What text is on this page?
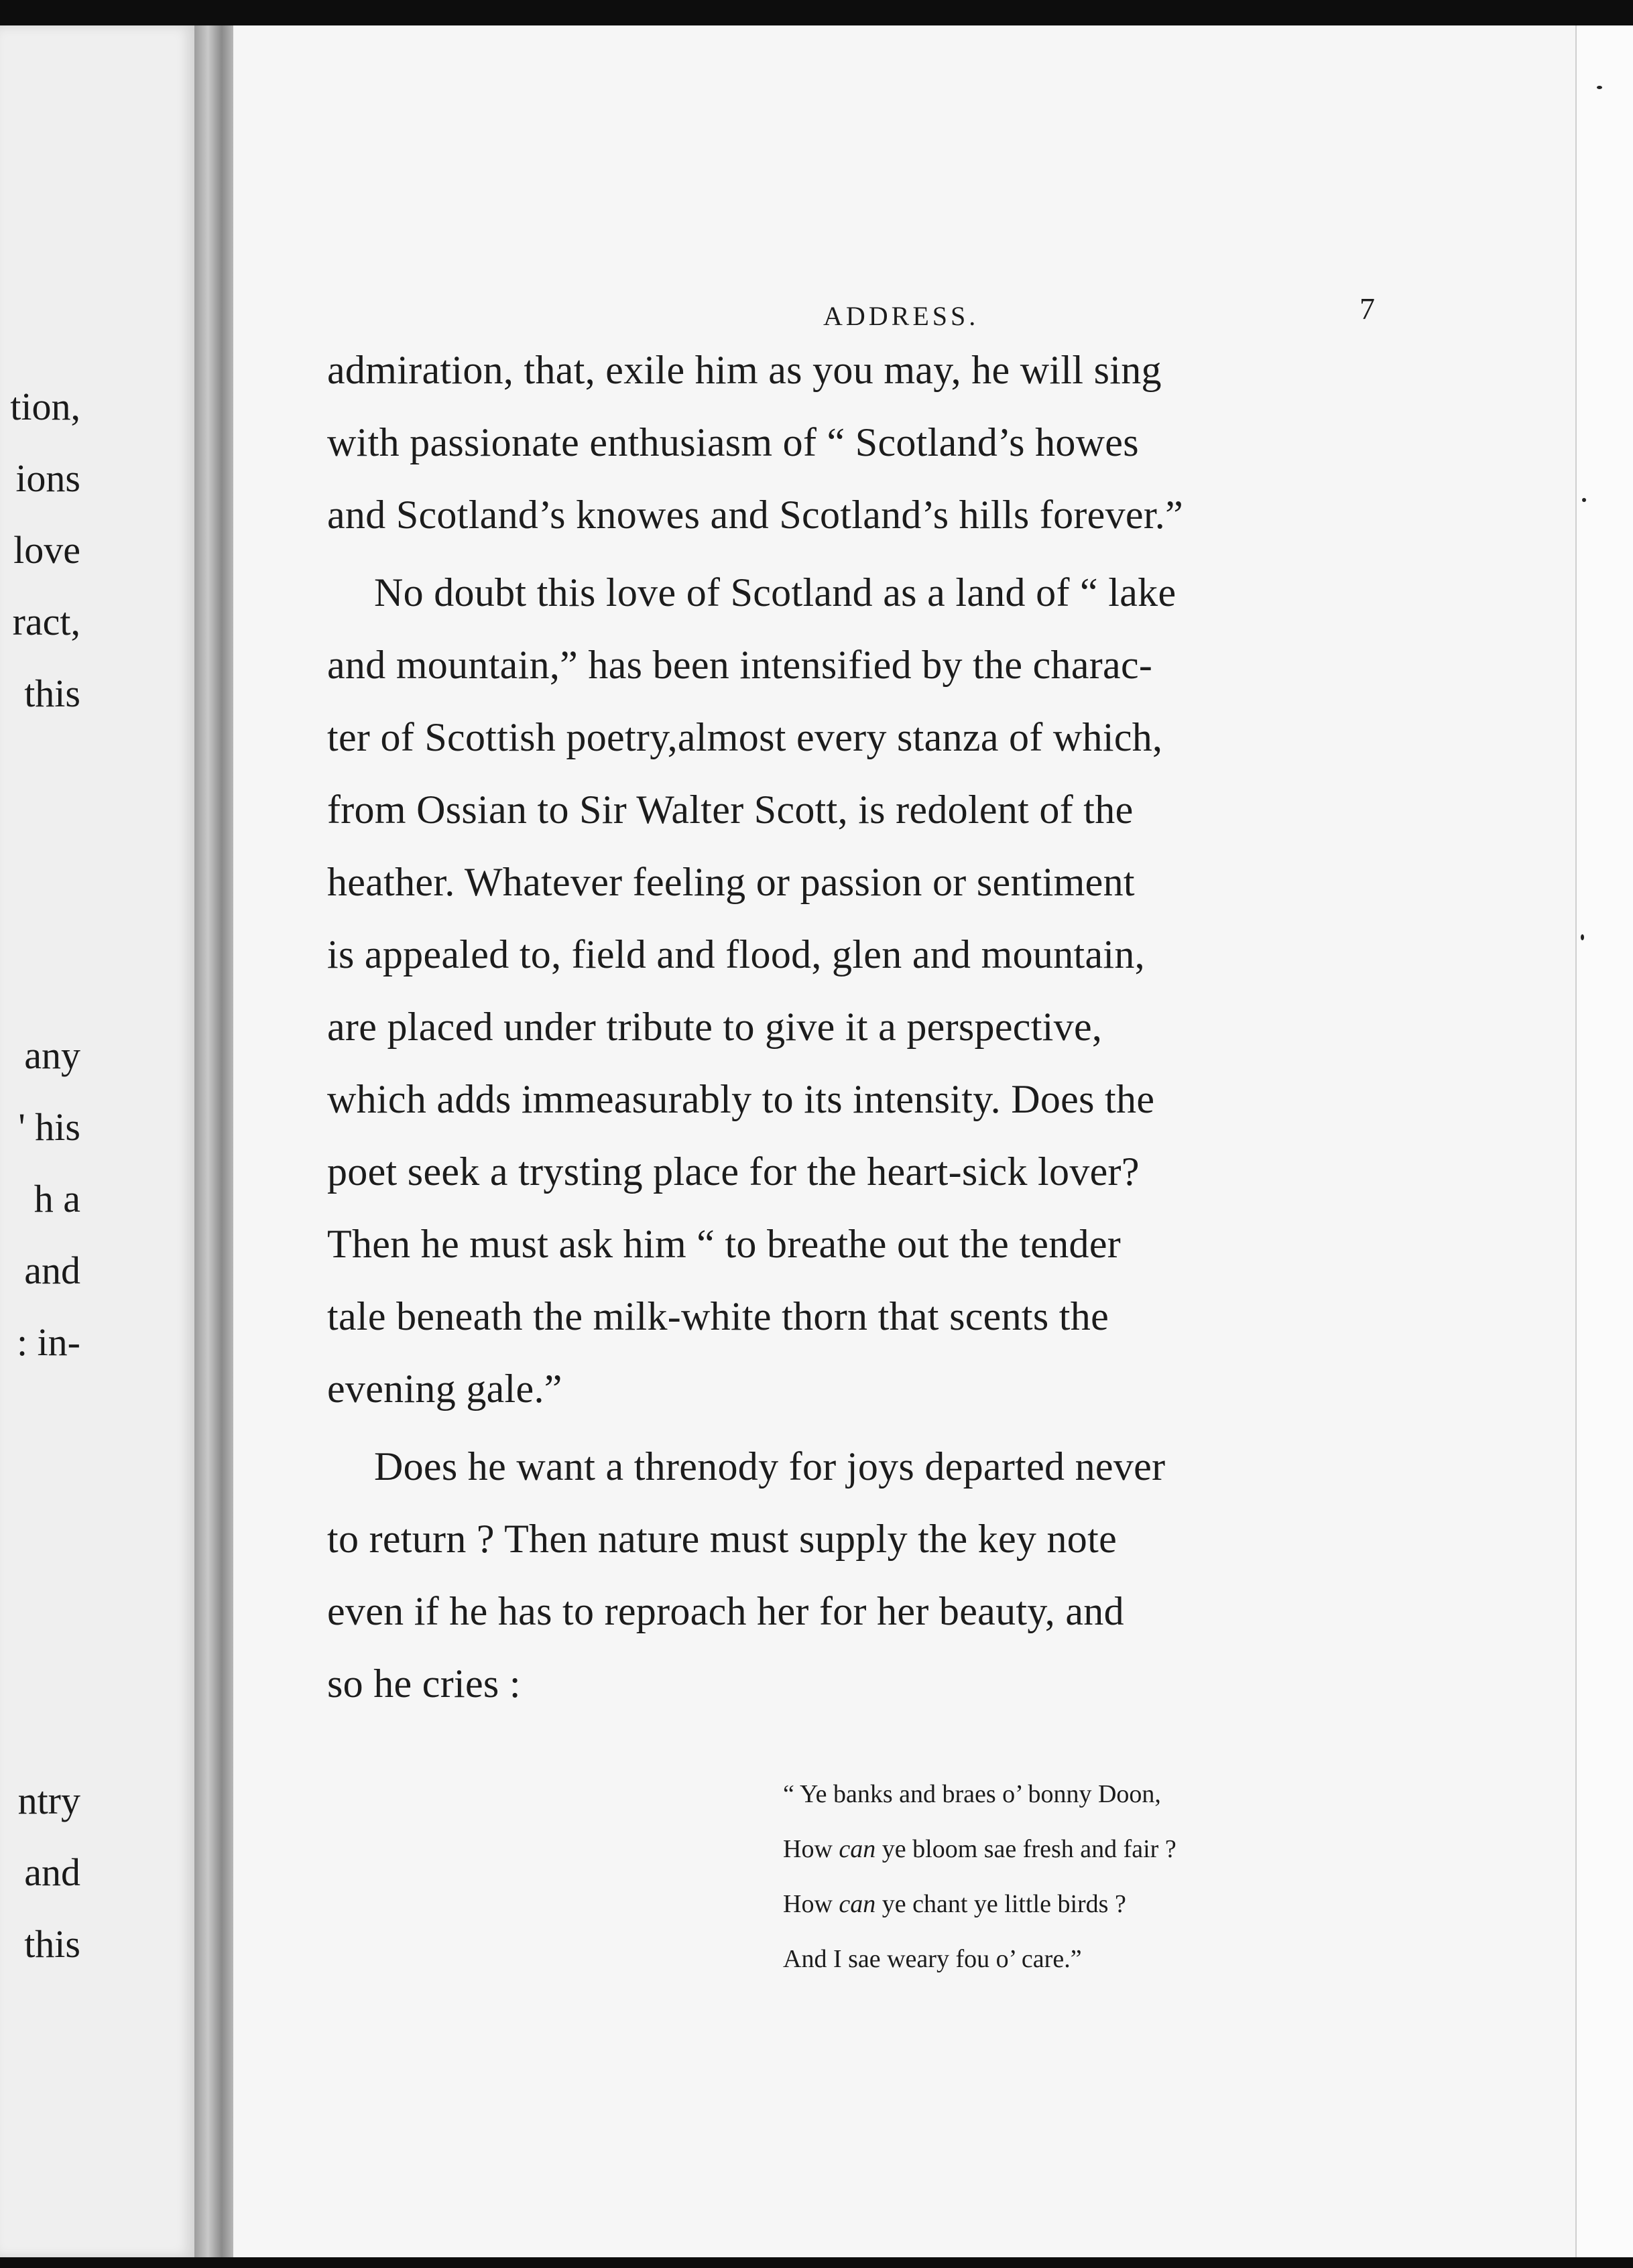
tion,
ions
love
ract,
this
any
' his
h a
and
: in-
ntry
and
this
ADDRESS.	7
admiration, that, exile him as you may, he will sing
with passionate enthusiasm of “ Scotland’s howes
and Scotland’s knowes and Scotland’s hills forever.”
No doubt this love of Scotland as a land of “ lake
and mountain,” has been intensified by the charac-
ter of Scottish poetry,almost every stanza of which,
from Ossian to Sir Walter Scott, is redolent of the
heather. Whatever feeling or passion or sentiment
is appealed to, field and flood, glen and mountain,
are placed under tribute to give it a perspective,
which adds immeasurably to its intensity. Does the
poet seek a trysting place for the heart-sick lover?
Then he must ask him “ to breathe out the tender
tale beneath the milk-white thorn that scents the
evening gale.”
Does he want a threnody for joys departed never
to return ? Then nature must supply the key note
even if he has to reproach her for her beauty, and
so he cries :
“ Ye banks and braes o’ bonny Doon,
How can ye bloom sae fresh and fair ?
How can ye chant ye little birds ?
And I sae weary fou o’ care.”
